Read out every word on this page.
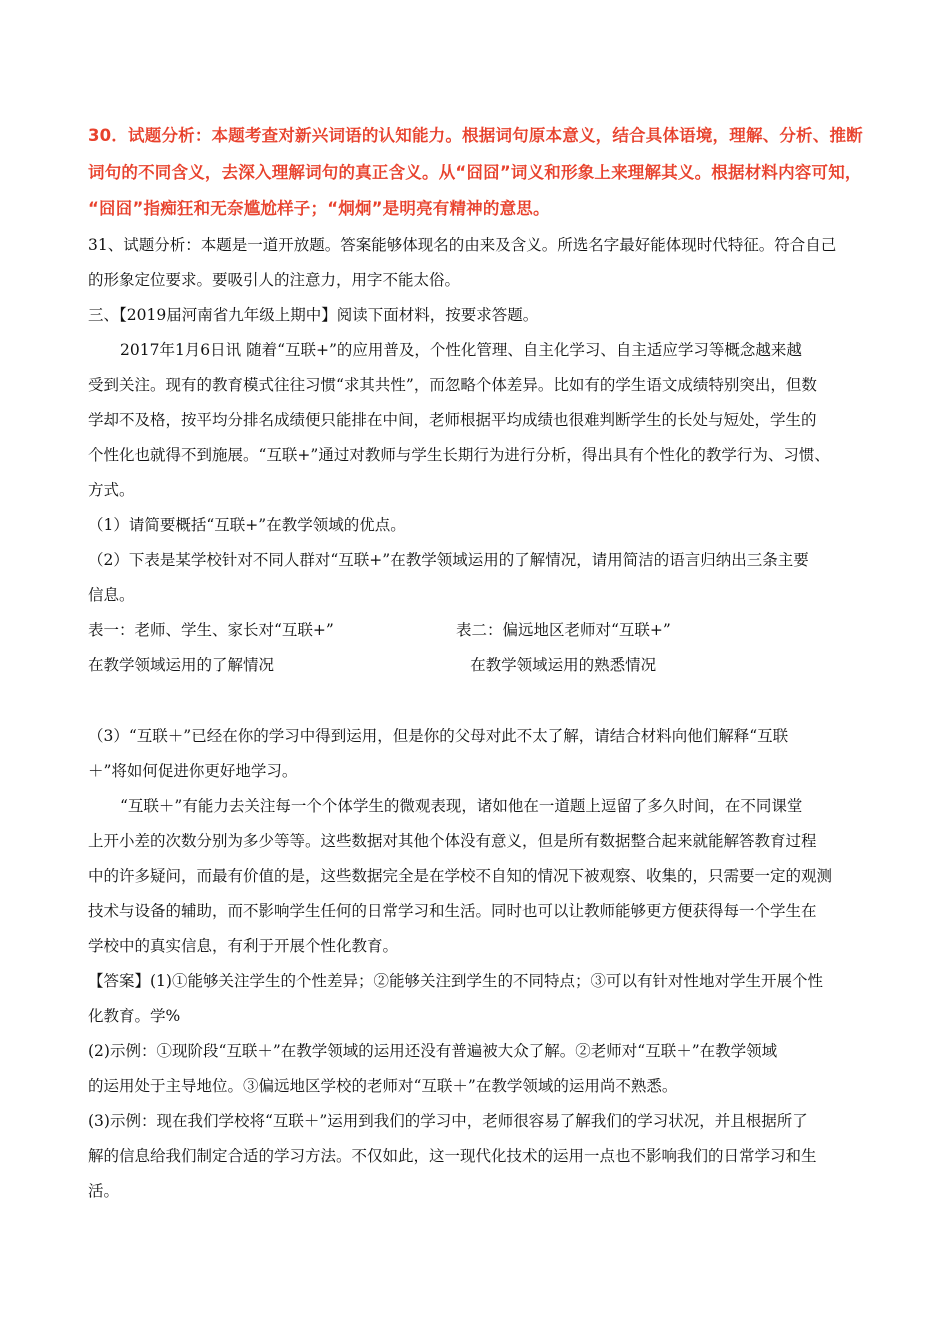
30．试题分析：本题考查对新兴词语的认知能力。根据词句原本意义，结合具体语境，理解、分析、推断
词句的不同含义，去深入理解词句的真正含义。从“囧囧”词义和形象上来理解其义。根据材料内容可知，
“囧囧”指痴狂和无奈尴尬样子；“炯炯”是明亮有精神的意思。
31、试题分析：本题是一道开放题。答案能够体现名的由来及含义。所选名字最好能体现时代特征。符合自己
的形象定位要求。要吸引人的注意力，用字不能太俗。
三、【2019届河南省九年级上期中】阅读下面材料，按要求答题。
2017年1月6日讯 随着“互联+”的应用普及，个性化管理、自主化学习、自主适应学习等概念越来越
受到关注。现有的教育模式往往习惯“求其共性”，而忽略个体差异。比如有的学生语文成绩特别突出，但数
学却不及格，按平均分排名成绩便只能排在中间，老师根据平均成绩也很难判断学生的长处与短处，学生的
个性化也就得不到施展。“互联+”通过对教师与学生长期行为进行分析，得出具有个性化的教学行为、习惯、
方式。
（1）请简要概括“互联+”在教学领域的优点。
（2）下表是某学校针对不同人群对“互联+”在教学领域运用的了解情况，请用简洁的语言归纳出三条主要
信息。
表一：老师、学生、家长对“互联+”	表二：偏远地区老师对“互联+”
在教学领域运用的了解情况	在教学领域运用的熟悉情况
（3）“互联＋”已经在你的学习中得到运用，但是你的父母对此不太了解，请结合材料向他们解释“互联
＋”将如何促进你更好地学习。
“互联＋”有能力去关注每一个个体学生的微观表现，诸如他在一道题上逗留了多久时间，在不同课堂
上开小差的次数分别为多少等等。这些数据对其他个体没有意义，但是所有数据整合起来就能解答教育过程
中的许多疑问，而最有价值的是，这些数据完全是在学校不自知的情况下被观察、收集的，只需要一定的观测
技术与设备的辅助，而不影响学生任何的日常学习和生活。同时也可以让教师能够更方便获得每一个学生在
学校中的真实信息，有利于开展个性化教育。
【答案】(1)①能够关注学生的个性差异；②能够关注到学生的不同特点；③可以有针对性地对学生开展个性
化教育。学%
(2)示例：①现阶段“互联＋”在教学领域的运用还没有普遍被大众了解。②老师对“互联＋”在教学领域
的运用处于主导地位。③偏远地区学校的老师对“互联＋”在教学领域的运用尚不熟悉。
(3)示例：现在我们学校将“互联＋”运用到我们的学习中，老师很容易了解我们的学习状况，并且根据所了
解的信息给我们制定合适的学习方法。不仅如此，这一现代化技术的运用一点也不影响我们的日常学习和生
活。
